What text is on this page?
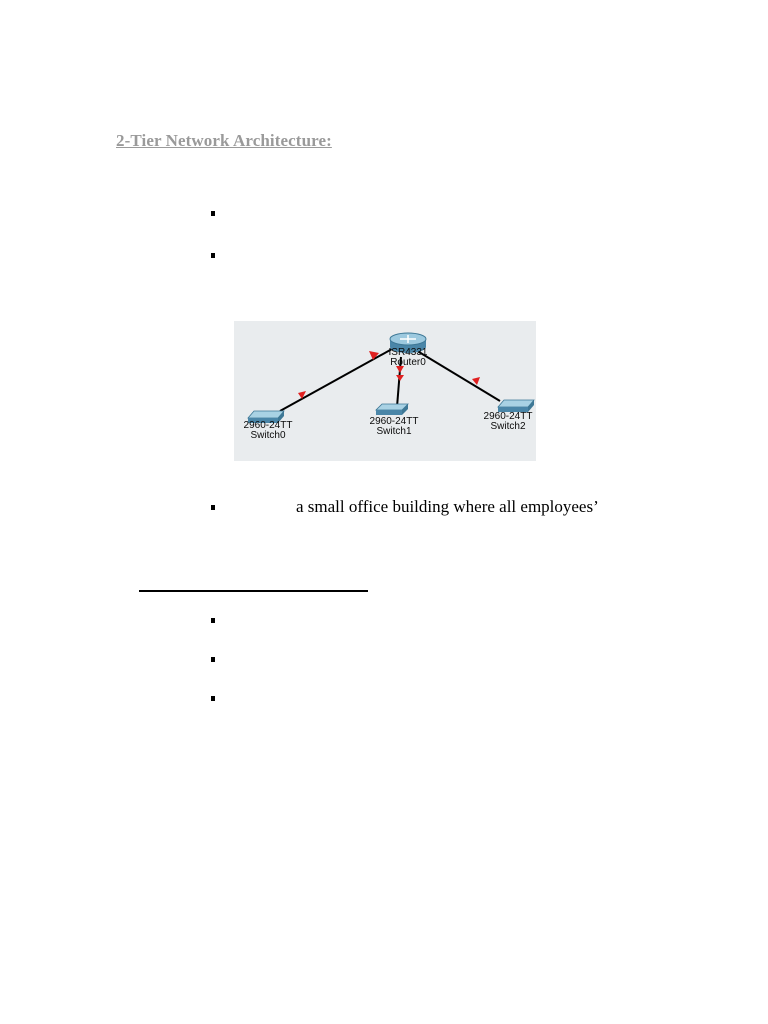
2-Tier Network Architecture:
ISR4331
Router0
2960-24TT
Switch0
2960-24TT
Switch1
2960-24TT
Switch2
a small office building where all employees’
